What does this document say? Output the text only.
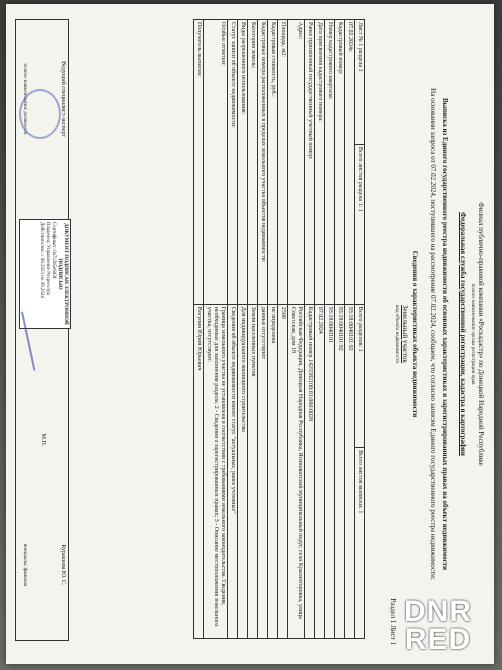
Филиал публично-правовой компании «Роскадастр» по Донецкой Народной Республике
полное наименование органа регистрации прав
Федеральная служба государственной регистрации, кадастра и картографии
Выписка из Единого государственного реестра недвижимости об основных характеристиках и зарегистрированных правах на объект недвижимости
На основании запроса от 07.02.2024, поступившего на рассмотрение 07.02.2024, сообщаем, что согласно записям Единого государственного реестра недвижимости:
Сведения о характеристиках объекта недвижимости
Земельный участок
вид объекта недвижимости
Раздел 1 Лист 1
Лист № 1 раздела 1	Всего листов раздела 1: 1	Всего разделов: 1	Всего листов выписки: 1
07.02.2024г.		93:18:0040101:92	
Кадастровый номер:		93:18:0040101:92	
Номер кадастрового квартала:		93:18:0040101	
Дата присвоения кадастрового номера:		07.02.2024	
Ранее присвоенный государственный учетный номер:		Кадастровый номер 1425582100:01:000:0028	
Адрес:		Российская Федерация, Донецкая Народная Республика, Ясиноватский муниципальный округ, село Красногоровка, улица Советская, дом 18	
Площадь, м2:		2500	
Кадастровая стоимость, руб.:		не определена	
Кадастровые номера расположенных в пределах земельного участка объектов недвижимости:		данные отсутствуют	
Категория земель:		Земли населенных пунктов	
Виды разрешенного использования:		Для индивидуального жилищного строительства	
Статус записи об объекте недвижимости:		Сведения об объекте недвижимости имеют статус "актуальные, ранее учтенные"	
Особые отметки:		Граница земельного участка не установлена в соответствии с требованиями земельного законодательства. Сведения, необходимые для заполнения раздела: 2 - Сведения о зарегистрированных правах; 3 - Описание местоположения земельного участка, отсутствуют.	
Получатель выписки:		Вогулин Юрий Юрьевич	
Ведущий специалист-эксперт
полное наименование должности
Курашева Ю. С.
инициалы, фамилия
М.П.
ДОКУМЕНТ ПОДПИСАН ЭЛЕКТРОННОЙ ПОДПИСЬЮ
Сертификат: 0a7c2b5e6d3f
Владелец: Управление Росреестра
Действителен: с 09.2023 по 09.2024
DNR
RED
